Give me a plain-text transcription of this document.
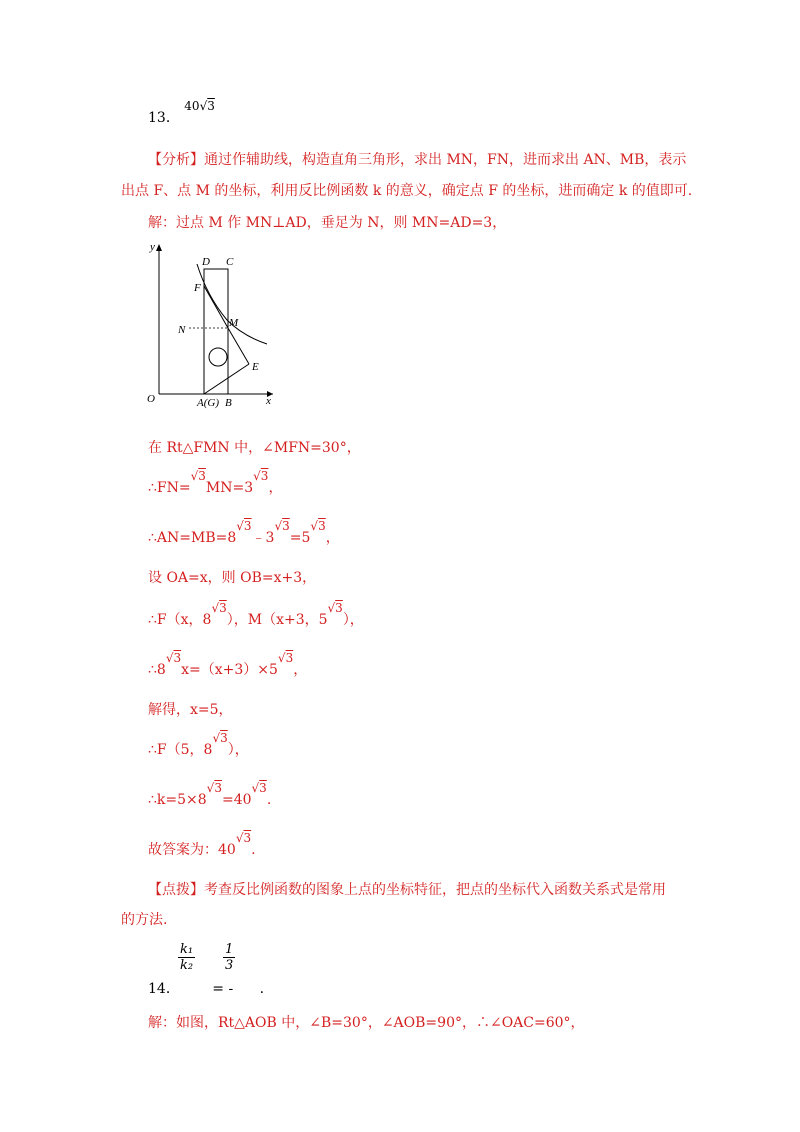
13． 40√3
【分析】通过作辅助线，构造直角三角形，求出 MN，FN，进而求出 AN、MB，表示
出点 F、点 M 的坐标，利用反比例函数 k 的意义，确定点 F 的坐标，进而确定 k 的值即可.
解：过点 M 作 MN⊥AD，垂足为 N，则 MN=AD=3，
y
x
O
D C
F
M
N
E
A(G) B
在 Rt△FMN 中，∠MFN=30°，
∴FN=√3MN=3√3，
∴AN=MB=8√3﹣3√3=5√3，
设 OA=x，则 OB=x+3，
∴F（x，8√3），M（x+3，5√3），
∴8√3x=（x+3）×5√3，
解得，x=5，
∴F（5，8√3），
∴k=5×8√3=40√3.
故答案为：40√3.
【点拨】考查反比例函数的图象上点的坐标特征，把点的坐标代入函数关系式是常用
的方法.
$\frac{\text{k₁}}{\text{k₂}} \frac{1}{3}$
14． = - .
解：如图，Rt△AOB 中，∠B=30°，∠AOB=90°，∴∠OAC=60°，
